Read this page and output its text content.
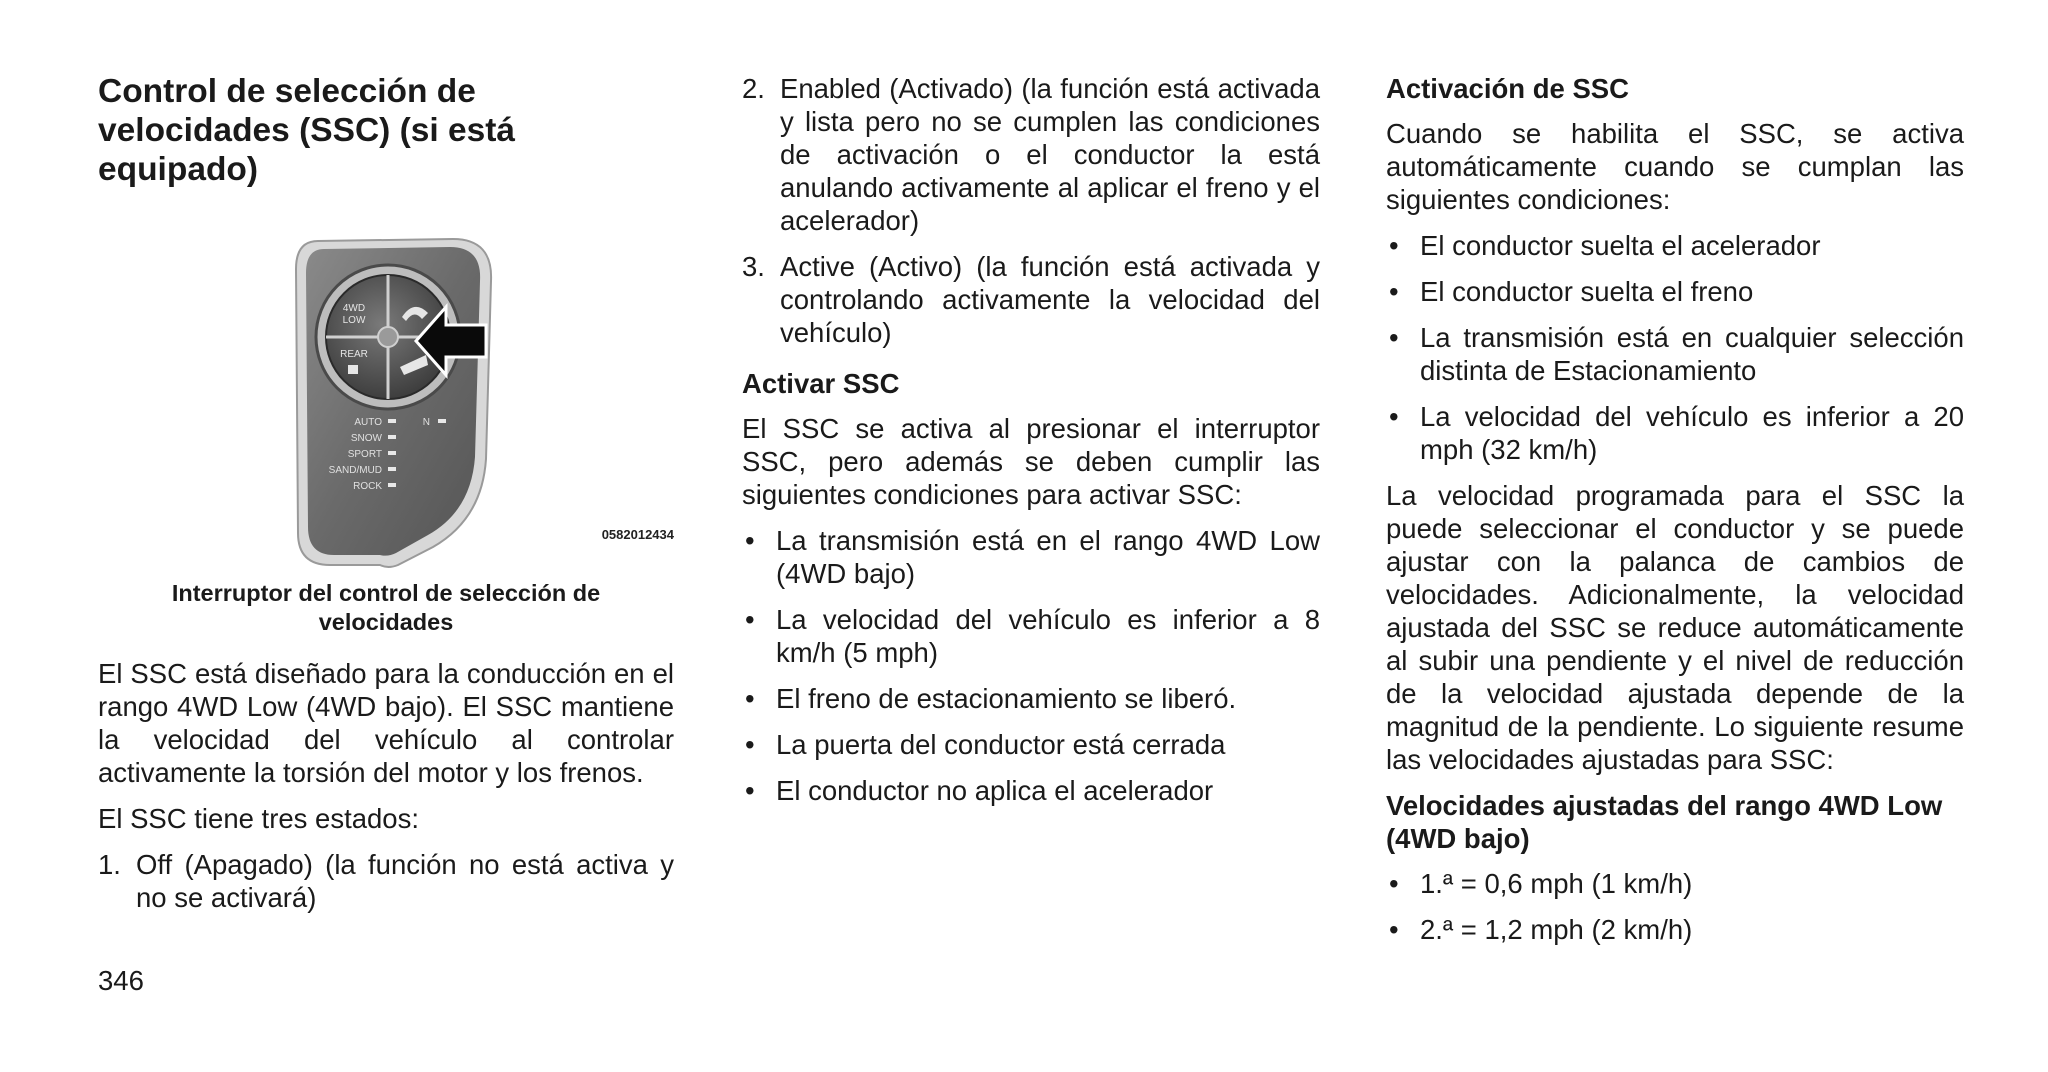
Control de selección de velocidades (SSC) (si está equipado)
4WD
LOW
REAR
AUTO
SNOW
SPORT
SAND/MUD
ROCK
N
0582012434
Interruptor del control de selección de velocidades

El SSC está diseñado para la conducción en el rango 4WD Low (4WD bajo). El SSC mantiene la velocidad del vehículo al controlar activamente la torsión del motor y los frenos.

El SSC tiene tres estados:

1. Off (Apagado) (la función no está activa y no se activará)
2. Enabled (Activado) (la función está activada y lista pero no se cumplen las condiciones de activación o el conductor la está anulando activamente al aplicar el freno y el acelerador)
3. Active (Activo) (la función está activada y controlando activamente la velocidad del vehículo)
Activar SSC

El SSC se activa al presionar el interruptor SSC, pero además se deben cumplir las siguientes condiciones para activar SSC:

• La transmisión está en el rango 4WD Low (4WD bajo)
• La velocidad del vehículo es inferior a 8 km/h (5 mph)
• El freno de estacionamiento se liberó.
• La puerta del conductor está cerrada
• El conductor no aplica el acelerador
Activación de SSC

Cuando se habilita el SSC, se activa automáticamente cuando se cumplan las siguientes condiciones:

• El conductor suelta el acelerador
• El conductor suelta el freno
• La transmisión está en cualquier selección distinta de Estacionamiento
• La velocidad del vehículo es inferior a 20 mph (32 km/h)

La velocidad programada para el SSC la puede seleccionar el conductor y se puede ajustar con la palanca de cambios de velocidades. Adicionalmente, la velocidad ajustada del SSC se reduce automáticamente al subir una pendiente y el nivel de reducción de la velocidad ajustada depende de la magnitud de la pendiente. Lo siguiente resume las velocidades ajustadas para SSC:

Velocidades ajustadas del rango 4WD Low (4WD bajo)
• 1.ª = 0,6 mph (1 km/h)
• 2.ª = 1,2 mph (2 km/h)
346
